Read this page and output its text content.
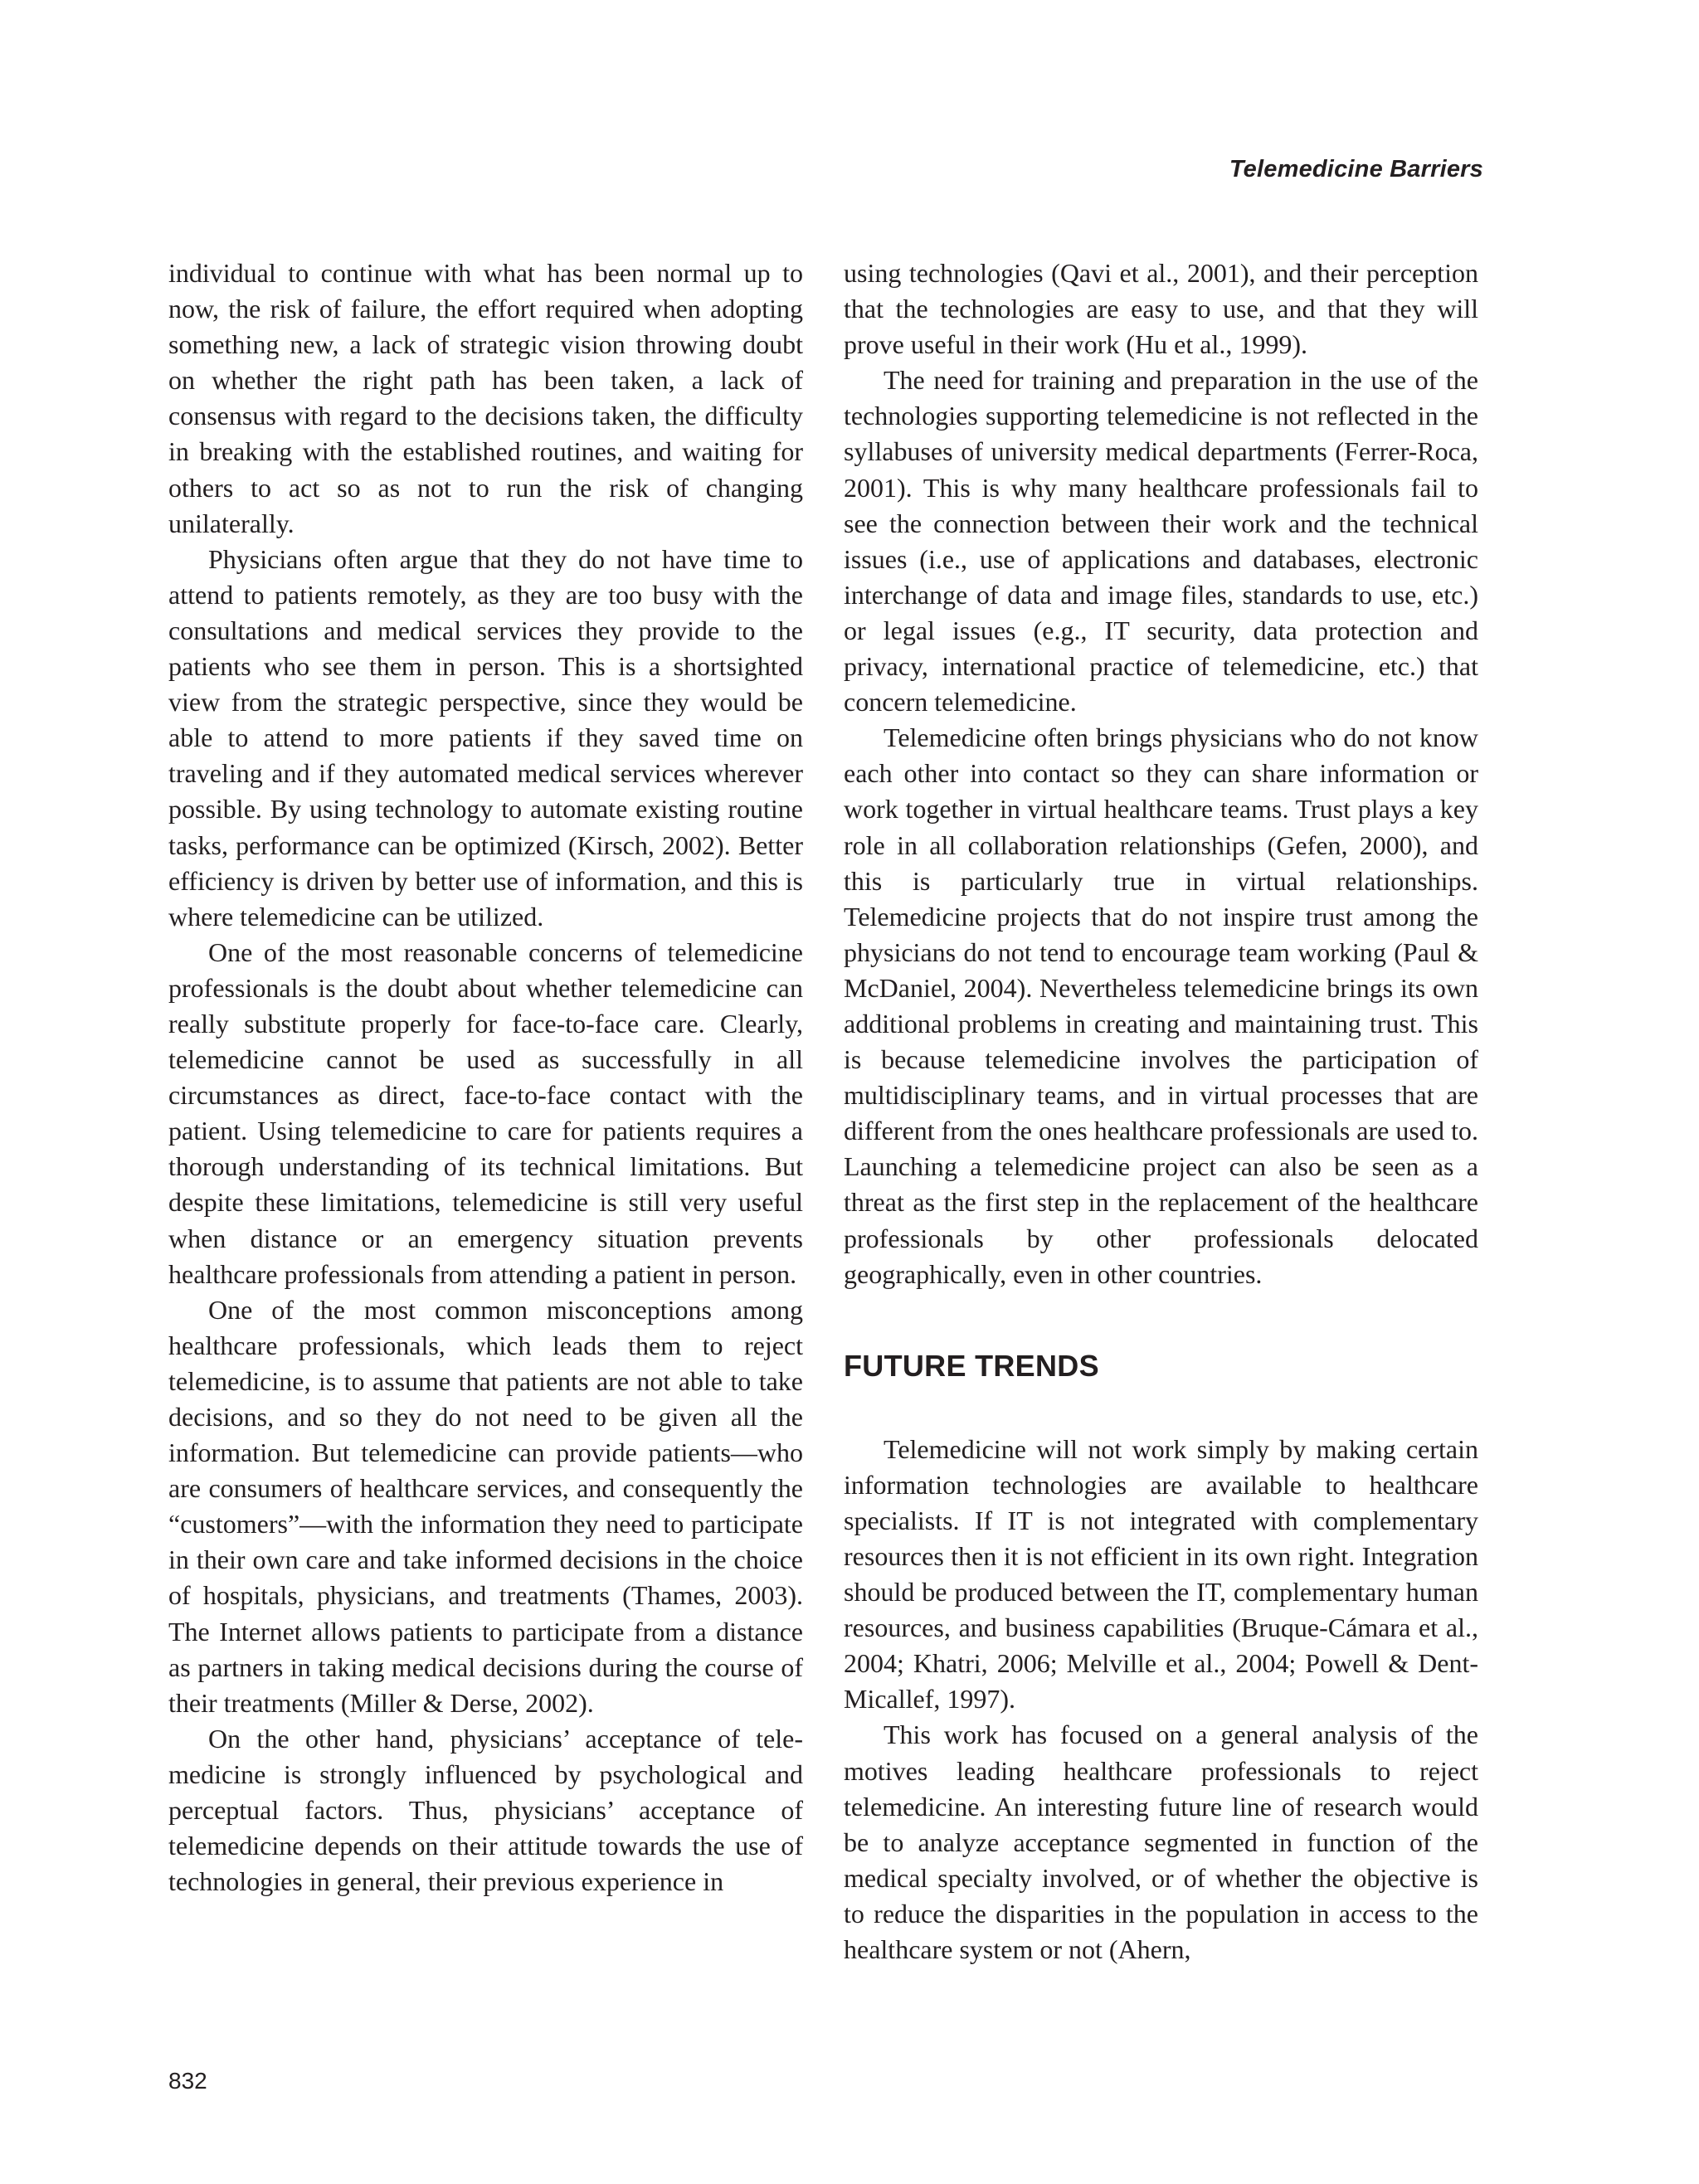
Telemedicine Barriers

individual to continue with what has been normal up to now, the risk of failure, the effort required when adopting something new, a lack of strategic vision throwing doubt on whether the right path has been taken, a lack of consensus with regard to the decisions taken, the difficulty in breaking with the established routines, and waiting for others to act so as not to run the risk of changing unilaterally.

Physicians often argue that they do not have time to attend to patients remotely, as they are too busy with the consultations and medical services they provide to the patients who see them in person. This is a shortsighted view from the strategic perspective, since they would be able to attend to more patients if they saved time on traveling and if they automated medical services wherever possible. By using technology to automate existing routine tasks, performance can be optimized (Kirsch, 2002). Better efficiency is driven by better use of information, and this is where telemedicine can be utilized.

One of the most reasonable concerns of telemedicine professionals is the doubt about whether telemedicine can really substitute properly for face-to-face care. Clearly, telemedicine cannot be used as successfully in all circumstances as direct, face-to-face contact with the patient. Using telemedicine to care for patients requires a thorough understanding of its technical limitations. But despite these limitations, telemedicine is still very useful when distance or an emergency situation prevents healthcare professionals from attending a patient in person.

One of the most common misconceptions among healthcare professionals, which leads them to reject telemedicine, is to assume that patients are not able to take decisions, and so they do not need to be given all the information. But telemedicine can provide patients—who are consumers of healthcare services, and consequently the “customers”—with the information they need to participate in their own care and take informed decisions in the choice of hospitals, physicians, and treatments (Thames, 2003). The Internet allows patients to participate from a distance as partners in taking medical decisions during the course of their treatments (Miller & Derse, 2002).

On the other hand, physicians’ acceptance of telemedicine is strongly influenced by psychological and perceptual factors. Thus, physicians’ acceptance of telemedicine depends on their attitude towards the use of technologies in general, their previous experience in

using technologies (Qavi et al., 2001), and their perception that the technologies are easy to use, and that they will prove useful in their work (Hu et al., 1999).

The need for training and preparation in the use of the technologies supporting telemedicine is not reflected in the syllabuses of university medical departments (Ferrer-Roca, 2001). This is why many healthcare professionals fail to see the connection between their work and the technical issues (i.e., use of applications and databases, electronic interchange of data and image files, standards to use, etc.) or legal issues (e.g., IT security, data protection and privacy, international practice of telemedicine, etc.) that concern telemedicine.

Telemedicine often brings physicians who do not know each other into contact so they can share information or work together in virtual healthcare teams. Trust plays a key role in all collaboration relationships (Gefen, 2000), and this is particularly true in virtual relationships. Telemedicine projects that do not inspire trust among the physicians do not tend to encourage team working (Paul & McDaniel, 2004). Nevertheless telemedicine brings its own additional problems in creating and maintaining trust. This is because telemedicine involves the participation of multidisciplinary teams, and in virtual processes that are different from the ones healthcare professionals are used to. Launching a telemedicine project can also be seen as a threat as the first step in the replacement of the healthcare professionals by other professionals delocated geographically, even in other countries.

FUTURE TRENDS

Telemedicine will not work simply by making certain information technologies are available to healthcare specialists. If IT is not integrated with complementary resources then it is not efficient in its own right. Integration should be produced between the IT, complementary human resources, and business capabilities (Bruque-Cámara et al., 2004; Khatri, 2006; Melville et al., 2004; Powell & Dent-Micallef, 1997).

This work has focused on a general analysis of the motives leading healthcare professionals to reject telemedicine. An interesting future line of research would be to analyze acceptance segmented in function of the medical specialty involved, or of whether the objective is to reduce the disparities in the population in access to the healthcare system or not (Ahern,

832
